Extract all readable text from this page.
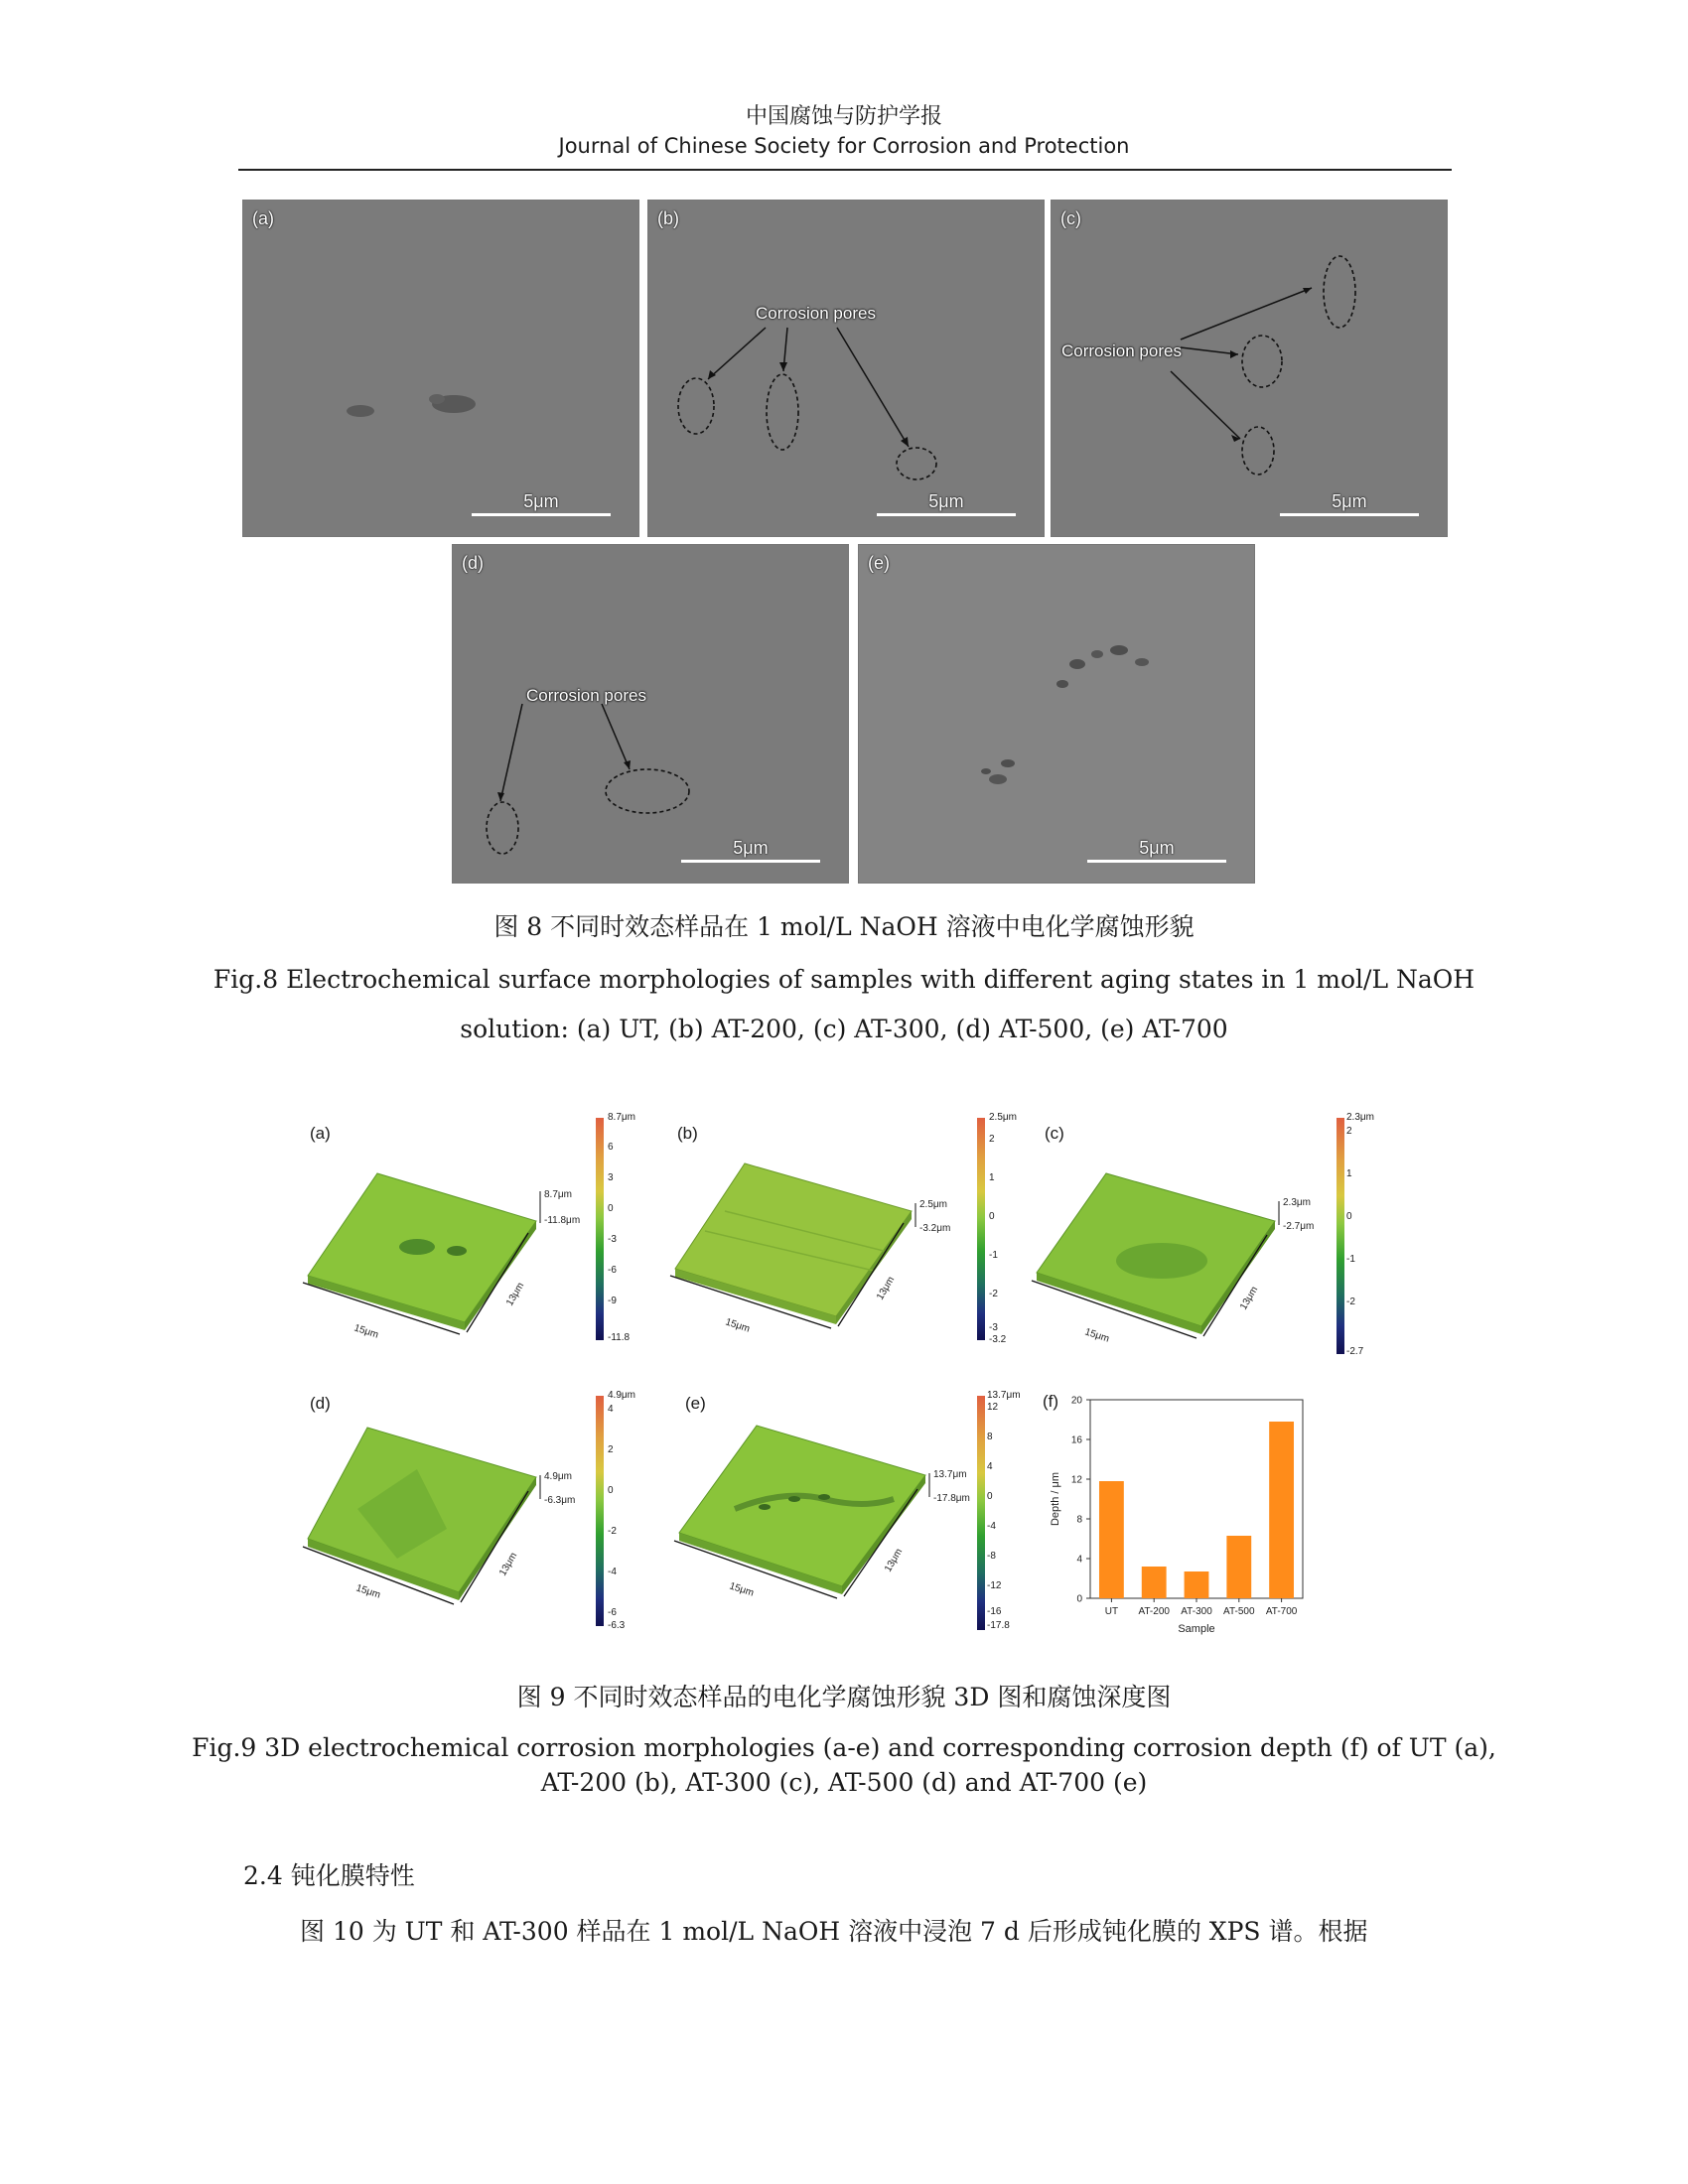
中国腐蚀与防护学报
Journal of Chinese Society for Corrosion and Protection
(a)
5μm
Corrosion pores
(b)
5μm
Corrosion pores
(c)
5μm
Corrosion pores
(d)
5μm
(e)
5μm
图 8 不同时效态样品在 1 mol/L NaOH 溶液中电化学腐蚀形貌
Fig.8 Electrochemical surface morphologies of samples with different aging states in 1 mol/L NaOH
solution: (a) UT, (b) AT-200, (c) AT-300, (d) AT-500, (e) AT-700
(a)
15μm
13μm
8.7μm
-11.8μm
8.7μm
6
3
0
-3
-6
-9
-11.8
(b)
15μm
13μm
2.5μm
-3.2μm
2.5μm
2
1
0
-1
-2
-3
-3.2
(c)
15μm
13μm
2.3μm
-2.7μm
2.3μm
2
1
0
-1
-2
-2.7
(d)
15μm
13μm
4.9μm
-6.3μm
4.9μm
4
2
0
-2
-4
-6
-6.3
(e)
15μm
13μm
13.7μm
-17.8μm
13.7μm
12
8
4
0
-4
-8
-12
-16
-17.8
(f)
0
4
8
12
16
20
UT AT-200 AT-300 AT-500 AT-700
Sample
Depth / μm
图 9 不同时效态样品的电化学腐蚀形貌 3D 图和腐蚀深度图
Fig.9 3D electrochemical corrosion morphologies (a-e) and corresponding corrosion depth (f) of UT (a),
AT-200 (b), AT-300 (c), AT-500 (d) and AT-700 (e)
2.4 钝化膜特性
图 10 为 UT 和 AT-300 样品在 1 mol/L NaOH 溶液中浸泡 7 d 后形成钝化膜的 XPS 谱。根据
